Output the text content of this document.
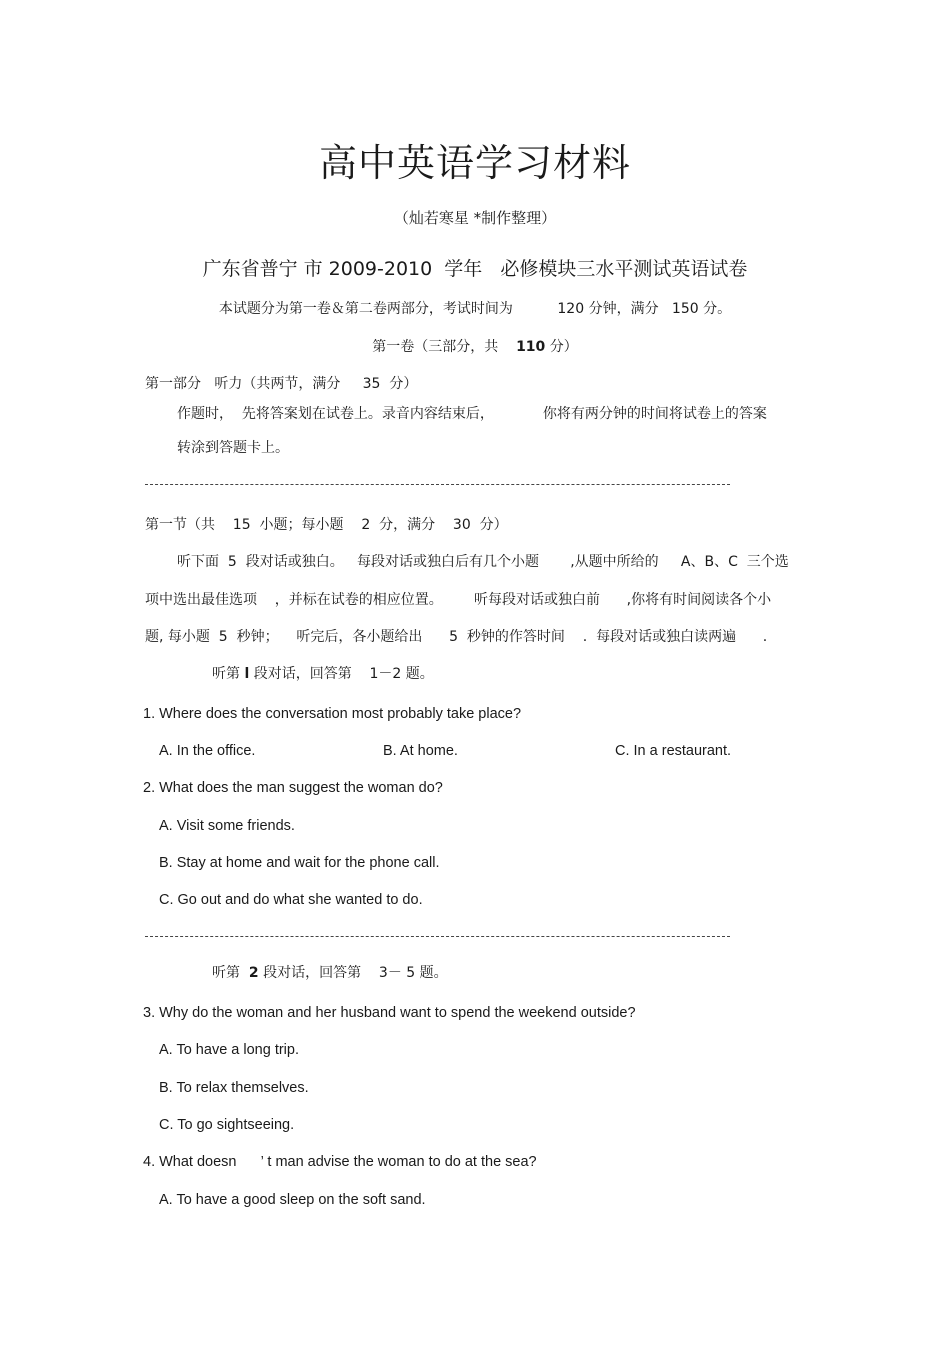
高中英语学习材料
（灿若寒星 *制作整理）
广东省普宁 市 2009-2010  学年   必修模块三水平测试英语试卷
本试题分为第一卷＆第二卷两部分，考试时间为          120 分钟，满分   150 分。
第一卷（三部分，共    110 分）
第一部分   听力（共两节，满分     35  分）
作题时，  先将答案划在试卷上。录音内容结束后，           你将有两分钟的时间将试卷上的答案
转涂到答题卡上。
第一节（共    15  小题；每小题    2  分，满分    30  分）
听下面  5  段对话或独白。   每段对话或独白后有几个小题       ,从题中所给的     A、B、C  三个选
项中选出最佳选项    ，并标在试卷的相应位置。       听每段对话或独白前      ,你将有时间阅读各个小
题, 每小题  5  秒钟；    听完后，各小题给出      5  秒钟的作答时间    .  每段对话或独白读两遍      .
听第 l 段对话，回答第    1－2 题。
1. Where does the conversation most probably take place?
A. In the office.	B. At home.	C. In a restaurant.
2. What does the man suggest the woman do?
A. Visit some friends.
B. Stay at home and wait for the phone call.
C. Go out and do what she wanted to do.
听第  2 段对话，回答第    3－ 5 题。
3. Why do the woman and her husband want to spend the weekend outside?
A. To have a long trip.
B. To relax themselves.
C. To go sightseeing.
4. What doesn      ’ t man advise the woman to do at the sea?
A. To have a good sleep on the soft sand.
